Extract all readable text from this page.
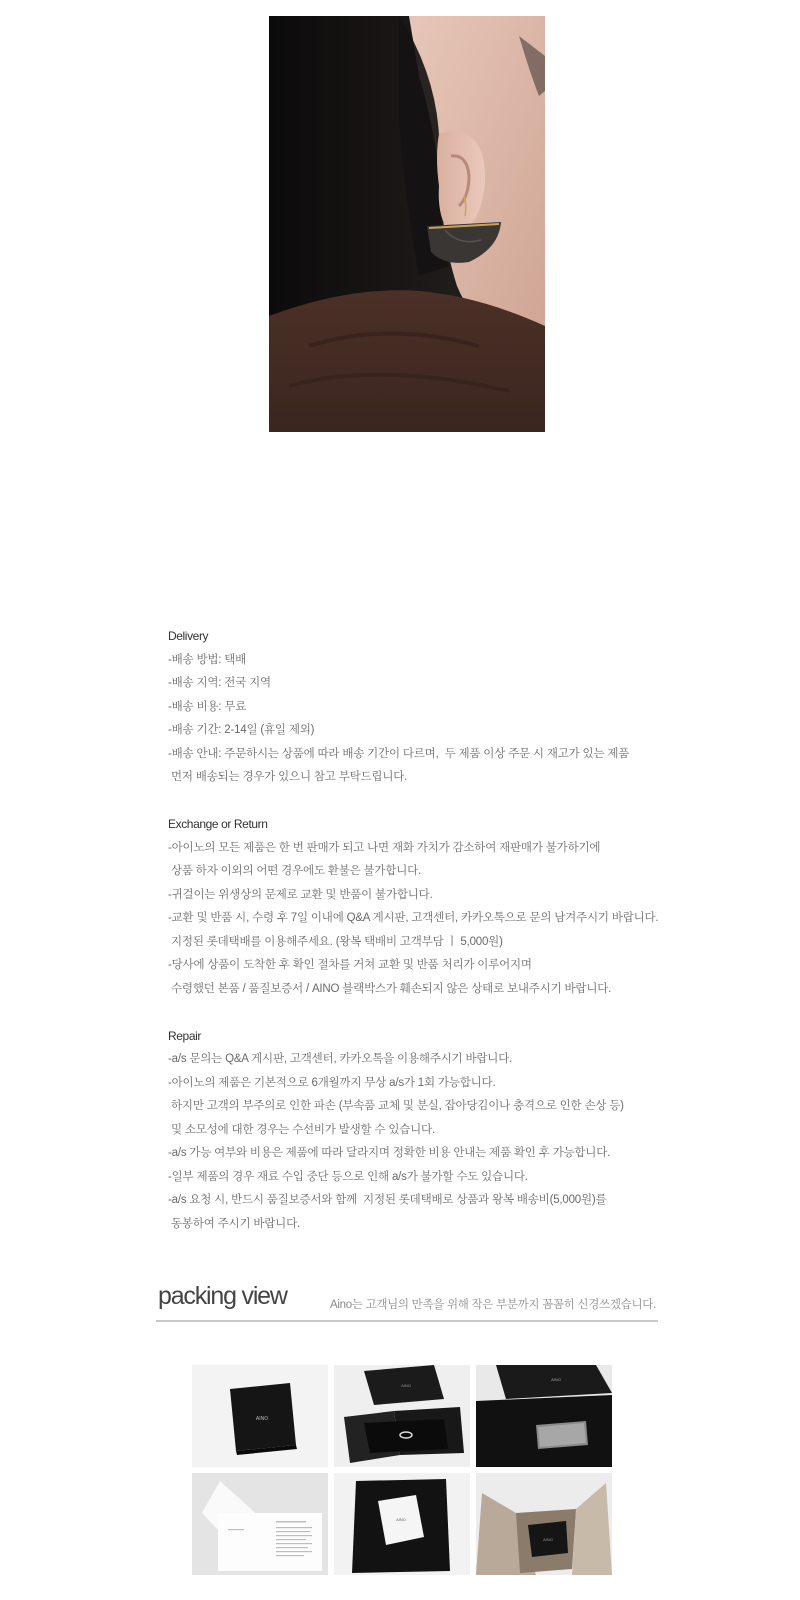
Delivery

-배송 방법: 택배

-배송 지역: 전국 지역

-배송 비용: 무료

-배송 기간: 2-14일 (휴일 제외)

-배송 안내: 주문하시는 상품에 따라 배송 기간이 다르며,  두 제품 이상 주문 시 재고가 있는 제품

먼저 배송되는 경우가 있으니 참고 부탁드립니다.

Exchange or Return

-아이노의 모든 제품은 한 번 판매가 되고 나면 재화 가치가 감소하여 재판매가 불가하기에

상품 하자 이외의 어떤 경우에도 환불은 불가합니다.

-귀걸이는 위생상의 문제로 교환 및 반품이 불가합니다.

-교환 및 반품 시, 수령 후 7일 이내에 Q&A 게시판, 고객센터, 카카오톡으로 문의 남겨주시기 바랍니다.

지정된 롯데택배를 이용해주세요. (왕복 택배비 고객부담 ㅣ 5,000원)

-당사에 상품이 도착한 후 확인 절차를 거쳐 교환 및 반품 처리가 이루어지며

수령했던 본품 / 품질보증서 / AINO 블랙박스가 훼손되지 않은 상태로 보내주시기 바랍니다.

Repair

-a/s 문의는 Q&A 게시판, 고객센터, 카카오톡을 이용해주시기 바랍니다.

-아이노의 제품은 기본적으로 6개월까지 무상 a/s가 1회 가능합니다.

하지만 고객의 부주의로 인한 파손 (부속품 교체 및 분실, 잡아당김이나 충격으로 인한 손상 등)

및 소모성에 대한 경우는 수선비가 발생할 수 있습니다.

-a/s 가능 여부와 비용은 제품에 따라 달라지며 정확한 비용 안내는 제품 확인 후 가능합니다.

-일부 제품의 경우 재료 수입 중단 등으로 인해 a/s가 불가할 수도 있습니다.

-a/s 요청 시, 반드시 품질보증서와 함께  지정된 롯데택배로 상품과 왕복 배송비(5,000원)를

동봉하여 주시기 바랍니다.

packing view	Aino는 고객님의 만족을 위해 작은 부분까지 꼼꼼히 신경쓰겠습니다.
AINO
AINO
AINO
AINO
AINO
